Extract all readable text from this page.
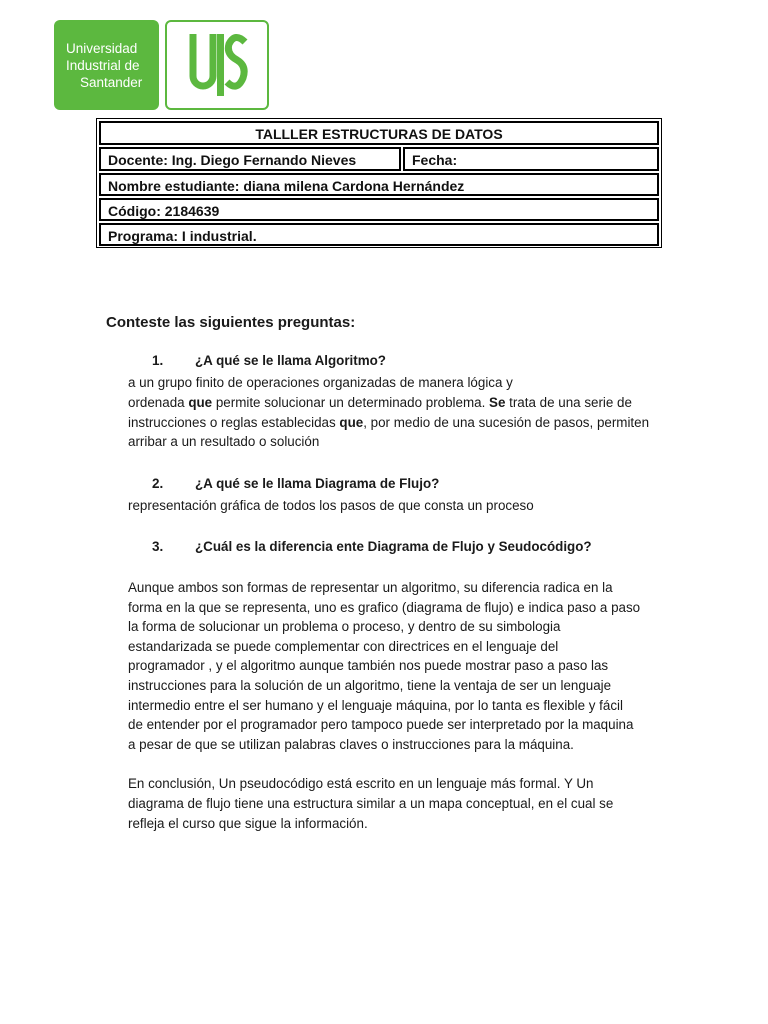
Universidad
Industrial de
Santander
TALLLER ESTRUCTURAS DE DATOS
Docente: Ing. Diego Fernando Nieves	Fecha:
Nombre estudiante: diana milena Cardona Hernández
Código: 2184639
Programa: I industrial.
Conteste las siguientes preguntas:
1. ¿A qué se le llama Algoritmo?
a un grupo finito de operaciones organizadas de manera lógica y
ordenada que permite solucionar un determinado problema. Se trata de una serie de
instrucciones o reglas establecidas que, por medio de una sucesión de pasos, permiten
arribar a un resultado o solución
2. ¿A qué se le llama Diagrama de Flujo?
representación gráfica de todos los pasos de que consta un proceso
3. ¿Cuál es la diferencia ente Diagrama de Flujo y Seudocódigo?
Aunque ambos son formas de representar un algoritmo, su diferencia radica en la
forma en la que se representa, uno es grafico (diagrama de flujo) e indica paso a paso
la forma de solucionar un problema o proceso, y dentro de su simbologia
estandarizada se puede complementar con directrices en el lenguaje del
programador , y el algoritmo aunque también nos puede mostrar paso a paso las
instrucciones para la solución de un algoritmo, tiene la ventaja de ser un lenguaje
intermedio entre el ser humano y el lenguaje máquina, por lo tanta es flexible y fácil
de entender por el programador pero tampoco puede ser interpretado por la maquina
a pesar de que se utilizan palabras claves o instrucciones para la máquina.
En conclusión, Un pseudocódigo está escrito en un lenguaje más formal. Y Un
diagrama de flujo tiene una estructura similar a un mapa conceptual, en el cual se
refleja el curso que sigue la información.
